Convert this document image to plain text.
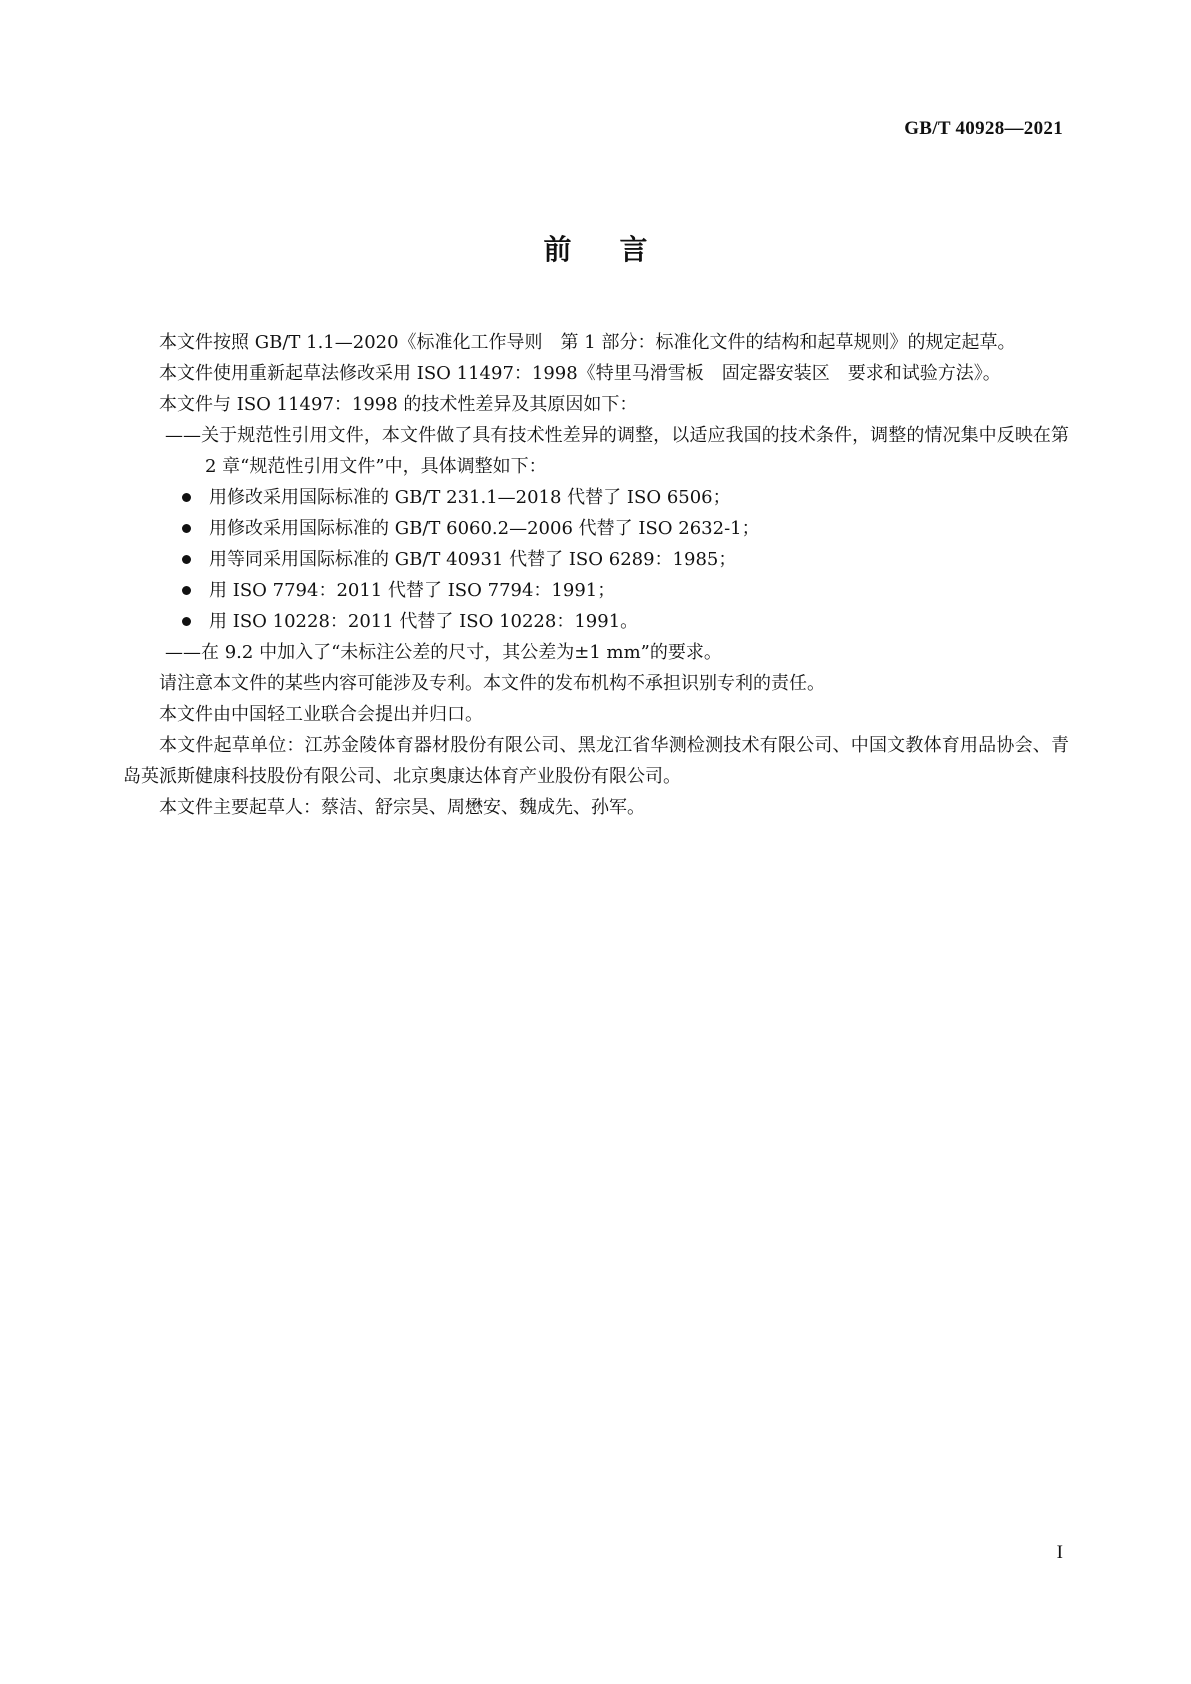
GB/T 40928—2021
前言

本文件按照 GB/T 1.1—2020《标准化工作导则　第 1 部分：标准化文件的结构和起草规则》的规定起草。

本文件使用重新起草法修改采用 ISO 11497：1998《特里马滑雪板　固定器安装区　要求和试验方法》。

本文件与 ISO 11497：1998 的技术性差异及其原因如下：

——关于规范性引用文件，本文件做了具有技术性差异的调整，以适应我国的技术条件，调整的情况集中反映在第 2 章“规范性引用文件”中，具体调整如下：

用修改采用国际标准的 GB/T 231.1—2018 代替了 ISO 6506；
用修改采用国际标准的 GB/T 6060.2—2006 代替了 ISO 2632-1；
用等同采用国际标准的 GB/T 40931 代替了 ISO 6289：1985；
用 ISO 7794：2011 代替了 ISO 7794：1991；
用 ISO 10228：2011 代替了 ISO 10228：1991。

——在 9.2 中加入了“未标注公差的尺寸，其公差为±1 mm”的要求。

请注意本文件的某些内容可能涉及专利。本文件的发布机构不承担识别专利的责任。

本文件由中国轻工业联合会提出并归口。

本文件起草单位：江苏金陵体育器材股份有限公司、黑龙江省华测检测技术有限公司、中国文教体育用品协会、青岛英派斯健康科技股份有限公司、北京奥康达体育产业股份有限公司。

本文件主要起草人：蔡洁、舒宗昊、周懋安、魏成先、孙军。

I
